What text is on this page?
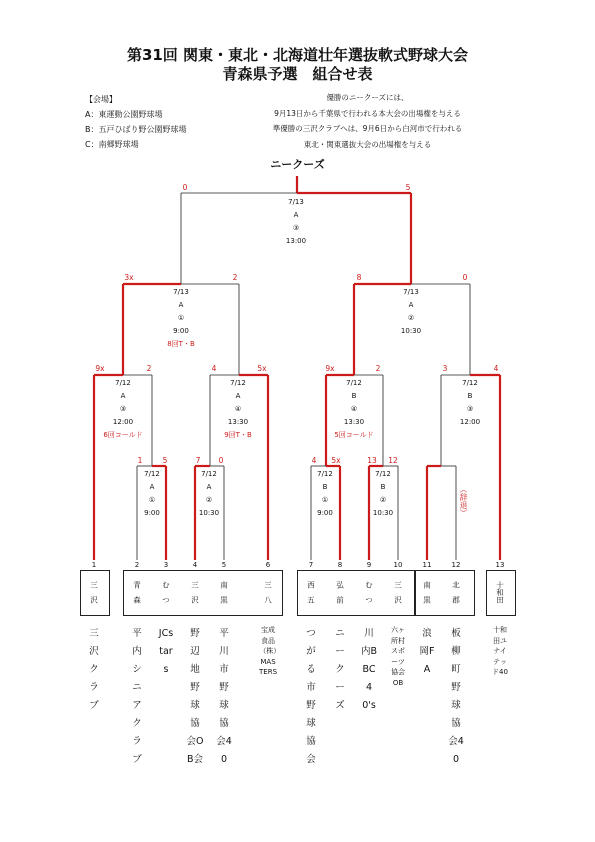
第31回 関東・東北・北海道壮年選抜軟式野球大会
青森県予選　組合せ表
【会場】
A：東運動公園野球場
B：五戸ひばり野公園野球場
C：南郷野球場
優勝のニークーズには、
9月13日から千葉県で行われる本大会の出場権を与える
準優勝の三沢クラブへは、9月6日から白河市で行われる
東北・関東選抜大会の出場権を与える
ニークーズ
7/13
A
③
13:00
0	5
7/13
A
①
9:00
8回T・B
3x	2
7/13
A
②
10:30
8	0
7/12
A
③
12:00
6回コールド
9x	2
7/12
A
④
13:30
9回T・B
4	5x
7/12
B
④
13:30
5回コールド
9x	2
7/12
B
③
12:00
3	4
7/12
A
①
9:00
1	5
7/12
A
②
10:30
7	0
7/12
B
①
9:00
4	5x
7/12
B
②
10:30
13	12
（辞退）
1
三　沢
三沢クラブ
2
青　森
平内シニアクラブ
3
む　つ
JCstars
4
三　沢
野辺地野球協会OB会
5
南　黒
平川市野球協会40
6
三　八
宝成食品（株）MASTERS
7
西　五
つがる市野球協会
8
弘　前
ニークーズ
9
む　つ
川内BBC40's
10
三　沢
六ヶ所村スポーツ協会OB
11
南　黒
浪岡FA
12
北　郡
板柳町野球協会40
13
十和田
十和田ユナイテッド40
